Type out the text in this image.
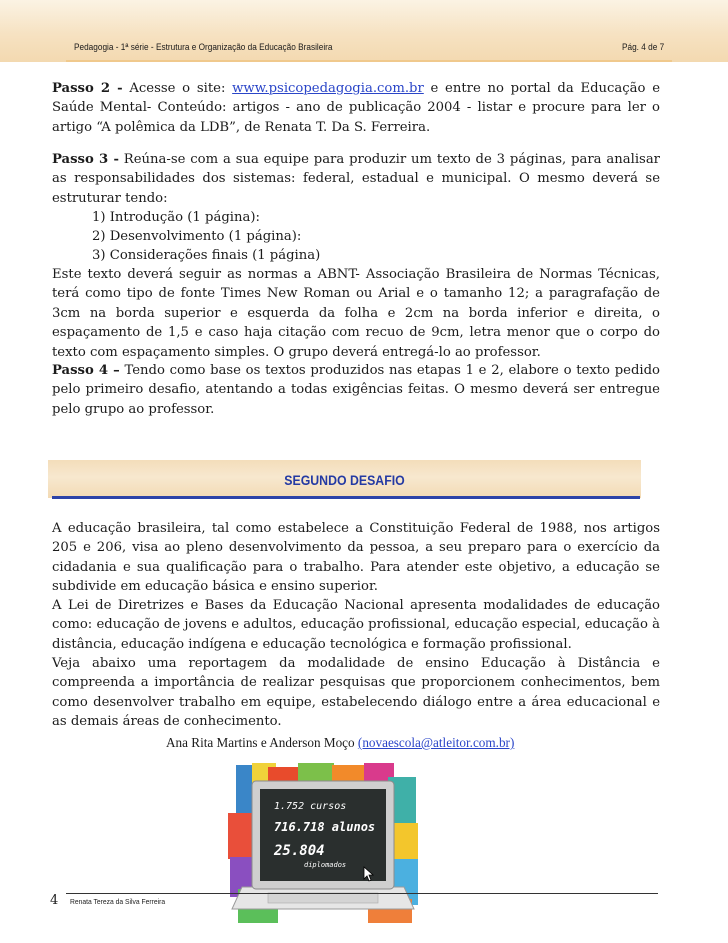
Pedagogia - 1ª série - Estrutura e Organização da Educação Brasileira	Pág. 4 de 7

Passo 2 - Acesse o site: www.psicopedagogia.com.br e entre no portal da Educação e Saúde Mental- Conteúdo: artigos - ano de publicação 2004 - listar e procure para ler o artigo “A polêmica da LDB”, de Renata T. Da S. Ferreira.

Passo 3 - Reúna-se com a sua equipe para produzir um texto de 3 páginas, para analisar as responsabilidades dos sistemas: federal, estadual e municipal. O mesmo deverá se estruturar tendo:

1) Introdução (1 página):
2) Desenvolvimento (1 página):
3) Considerações finais (1 página)

Este texto deverá seguir as normas a ABNT- Associação Brasileira de Normas Técnicas, terá como tipo de fonte Times New Roman ou Arial e o tamanho 12; a paragrafação de 3cm na borda superior e esquerda da folha e 2cm na borda inferior e direita, o espaçamento de 1,5 e caso haja citação com recuo de 9cm, letra menor que o corpo do texto com espaçamento simples. O grupo deverá entregá-lo ao professor.

Passo 4 – Tendo como base os textos produzidos nas etapas 1 e 2, elabore o texto pedido pelo primeiro desafio, atentando a todas exigências feitas. O mesmo deverá ser entregue pelo grupo ao professor.

SEGUNDO DESAFIO

A educação brasileira, tal como estabelece a Constituição Federal de 1988, nos artigos 205 e 206, visa ao pleno desenvolvimento da pessoa, a seu preparo para o exercício da cidadania e sua qualificação para o trabalho. Para atender este objetivo, a educação se subdivide em educação básica e ensino superior.

A Lei de Diretrizes e Bases da Educação Nacional apresenta modalidades de educação como: educação de jovens e adultos, educação profissional, educação especial, educação à distância, educação indígena e educação tecnológica e formação profissional.

Veja abaixo uma reportagem da modalidade de ensino Educação à Distância e compreenda a importância de realizar pesquisas que proporcionem conhecimentos, bem como desenvolver trabalho em equipe, estabelecendo diálogo entre a área educacional e as demais áreas de conhecimento.

Ana Rita Martins e Anderson Moço (novaescola@atleitor.com.br)
1.752 cursos
716.718 alunos
25.804
diplomados
4 Renata Tereza da Silva Ferreira
